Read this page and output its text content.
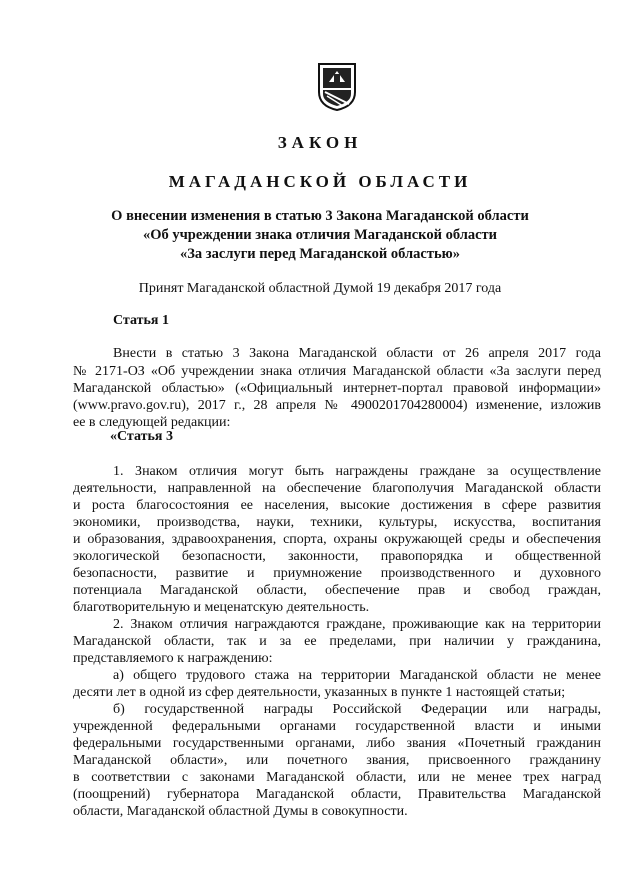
ЗАКОН
МАГАДАНСКОЙ ОБЛАСТИ
О внесении изменения в статью 3 Закона Магаданской области
«Об учреждении знака отличия Магаданской области
«За заслуги перед Магаданской областью»
Принят Магаданской областной Думой 19 декабря 2017 года
Статья 1
Внести в статью 3 Закона Магаданской области от 26 апреля 2017 года
№ 2171-ОЗ «Об учреждении знака отличия Магаданской области «За заслуги перед
Магаданской областью» («Официальный интернет-портал правовой информации»
(www.pravo.gov.ru), 2017 г., 28 апреля № 4900201704280004) изменение, изложив
ее в следующей редакции:
«Статья 3
1. Знаком отличия могут быть награждены граждане за осуществление
деятельности, направленной на обеспечение благополучия Магаданской области
и роста благосостояния ее населения, высокие достижения в сфере развития
экономики, производства, науки, техники, культуры, искусства, воспитания
и образования, здравоохранения, спорта, охраны окружающей среды и обеспечения
экологической безопасности, законности, правопорядка и общественной
безопасности, развитие и приумножение производственного и духовного
потенциала Магаданской области, обеспечение прав и свобод граждан,
благотворительную и меценатскую деятельность.
2. Знаком отличия награждаются граждане, проживающие как на территории
Магаданской области, так и за ее пределами, при наличии у гражданина,
представляемого к награждению:
а) общего трудового стажа на территории Магаданской области не менее
десяти лет в одной из сфер деятельности, указанных в пункте 1 настоящей статьи;
б) государственной награды Российской Федерации или награды,
учрежденной федеральными органами государственной власти и иными
федеральными государственными органами, либо звания «Почетный гражданин
Магаданской области», или почетного звания, присвоенного гражданину
в соответствии с законами Магаданской области, или не менее трех наград
(поощрений) губернатора Магаданской области, Правительства Магаданской
области, Магаданской областной Думы в совокупности.
